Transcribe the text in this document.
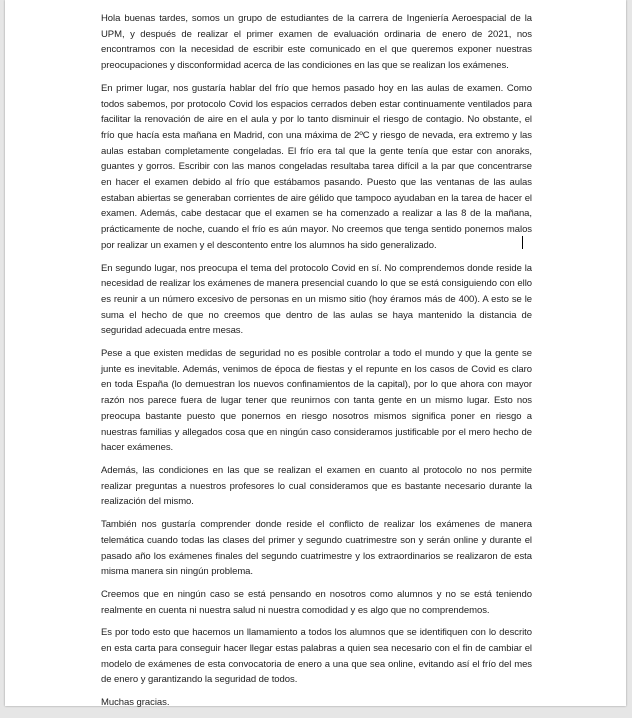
Hola buenas tardes, somos un grupo de estudiantes de la carrera de Ingeniería Aeroespacial de la UPM, y después de realizar el primer examen de evaluación ordinaria de enero de 2021, nos encontramos con la necesidad de escribir este comunicado en el que queremos exponer nuestras preocupaciones y disconformidad acerca de las condiciones en las que se realizan los exámenes.

En primer lugar, nos gustaría hablar del frío que hemos pasado hoy en las aulas de examen. Como todos sabemos, por protocolo Covid los espacios cerrados deben estar continuamente ventilados para facilitar la renovación de aire en el aula y por lo tanto disminuir el riesgo de contagio. No obstante, el frío que hacía esta mañana en Madrid, con una máxima de 2ºC y riesgo de nevada, era extremo y las aulas estaban completamente congeladas. El frío era tal que la gente tenía que estar con anoraks, guantes y gorros. Escribir con las manos congeladas resultaba tarea difícil a la par que concentrarse en hacer el examen debido al frío que estábamos pasando. Puesto que las ventanas de las aulas estaban abiertas se generaban corrientes de aire gélido que tampoco ayudaban en la tarea de hacer el examen. Además, cabe destacar que el examen se ha comenzado a realizar a las 8 de la mañana, prácticamente de noche, cuando el frío es aún mayor. No creemos que tenga sentido ponernos malos por realizar un examen y el descontento entre los alumnos ha sido generalizado.

En segundo lugar, nos preocupa el tema del protocolo Covid en sí. No comprendemos donde reside la necesidad de realizar los exámenes de manera presencial cuando lo que se está consiguiendo con ello es reunir a un número excesivo de personas en un mismo sitio (hoy éramos más de 400). A esto se le suma el hecho de que no creemos que dentro de las aulas se haya mantenido la distancia de seguridad adecuada entre mesas.

Pese a que existen medidas de seguridad no es posible controlar a todo el mundo y que la gente se junte es inevitable. Además, venimos de época de fiestas y el repunte en los casos de Covid es claro en toda España (lo demuestran los nuevos confinamientos de la capital), por lo que ahora con mayor razón nos parece fuera de lugar tener que reunirnos con tanta gente en un mismo lugar. Esto nos preocupa bastante puesto que ponernos en riesgo nosotros mismos significa poner en riesgo a nuestras familias y allegados cosa que en ningún caso consideramos justificable por el mero hecho de hacer exámenes.

Además, las condiciones en las que se realizan el examen en cuanto al protocolo no nos permite realizar preguntas a nuestros profesores lo cual consideramos que es bastante necesario durante la realización del mismo.

También nos gustaría comprender donde reside el conflicto de realizar los exámenes de manera telemática cuando todas las clases del primer y segundo cuatrimestre son y serán online y durante el pasado año los exámenes finales del segundo cuatrimestre y los extraordinarios se realizaron de esta misma manera sin ningún problema.

Creemos que en ningún caso se está pensando en nosotros como alumnos y no se está teniendo realmente en cuenta ni nuestra salud ni nuestra comodidad y es algo que no comprendemos.

Es por todo esto que hacemos un llamamiento a todos los alumnos que se identifiquen con lo descrito en esta carta para conseguir hacer llegar estas palabras a quien sea necesario con el fin de cambiar el modelo de exámenes de esta convocatoria de enero a una que sea online, evitando así el frío del mes de enero y garantizando la seguridad de todos.

Muchas gracias.
